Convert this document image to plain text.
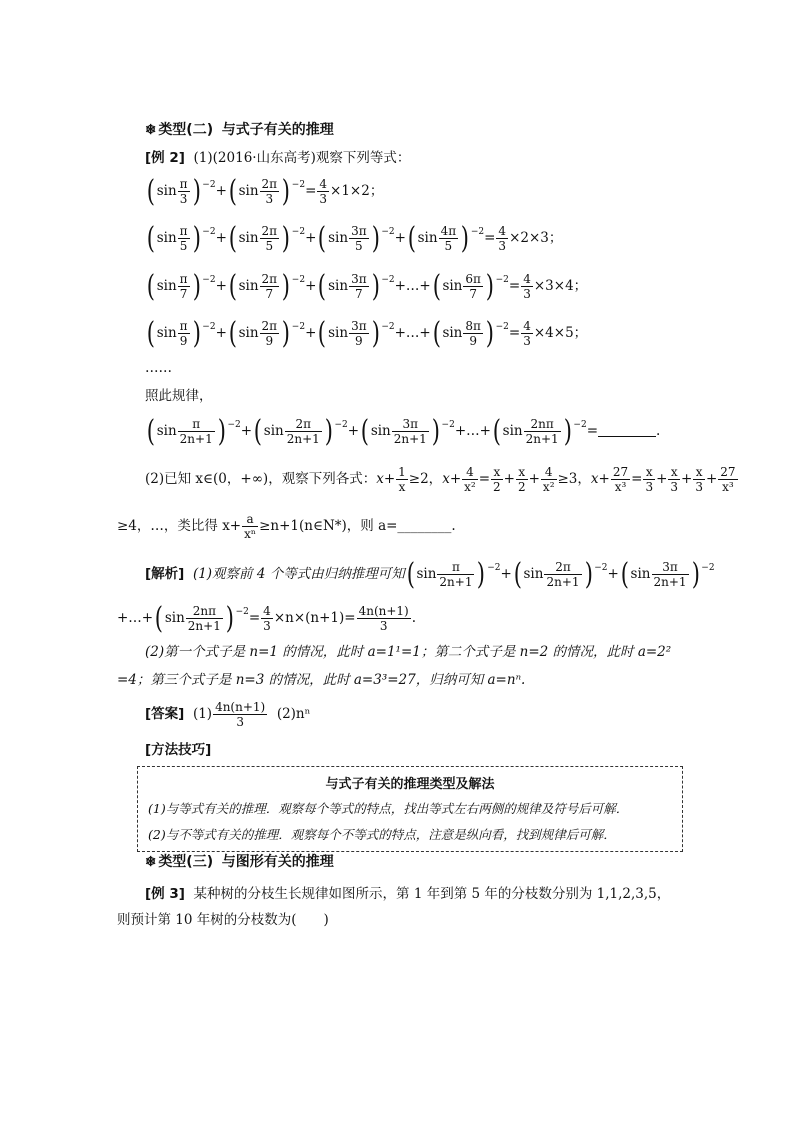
❄ 类型(二) 与式子有关的推理
[例 2] (1)(2016·山东高考)观察下列等式：
( $\sin \frac{\pi}{3}$ ) $^{-2}$+( $\sin \frac{2\pi}{3}$ ) $^{-2}= \frac{4}{3} \times 1\times 2$；
( $\sin \frac{\pi}{5}$ ) $^{-2}$+( $\sin \frac{2\pi}{5}$ ) $^{-2}$+( $\sin \frac{3\pi}{5}$ ) $^{-2}$+( $\sin \frac{4\pi}{5}$ ) $^{-2}= \frac{4}{3} \times 2\times 3$；
( $\sin \frac{\pi}{7}$ ) $^{-2}$+( $\sin \frac{2\pi}{7}$ ) $^{-2}$+( $\sin \frac{3\pi}{7}$ ) $^{-2}$+…+( $\sin \frac{6\pi}{7}$ ) $^{-2}= \frac{4}{3} \times 3\times 4$；
( $\sin \frac{\pi}{9}$ ) $^{-2}$+( $\sin \frac{2\pi}{9}$ ) $^{-2}$+( $\sin \frac{3\pi}{9}$ ) $^{-2}$+…+( $\sin \frac{8\pi}{9}$ ) $^{-2}= \frac{4}{3} \times 4\times 5$；
……
照此规律，
( $\sin \frac{\pi}{2n+1}$ ) $^{-2}$+( $\sin \frac{2\pi}{2n+1}$ ) $^{-2}$+( $\sin \frac{3\pi}{2n+1}$ ) $^{-2}$+…+( $\sin \frac{2n\pi}{2n+1}$ ) $^{-2}$=	.
(2)已知 x∈(0，+∞)，观察下列各式：$x+ \frac{1}{x} \ge 2$，$x+ \frac{4}{\text{x²}} = \frac{x}{2} + \frac{x}{2} + \frac{4}{\text{x²}} \ge 3$，$x+ \frac{27}{\text{x³}} = \frac{x}{3} + \frac{x}{3} + \frac{x}{3} + \frac{27}{\text{x³}}$
≥4，…，类比得 $x+ \frac{a}{\text{xⁿ}}$ ≥n+1(n∈N*)，则 a=________.
[解析] (1)观察前 4 个等式由归纳推理可知( $\sin \frac{\pi}{2n+1}$ ) $^{-2}$+( $\sin \frac{2\pi}{2n+1}$ ) $^{-2}$+( $\sin \frac{3\pi}{2n+1}$ ) $^{-2}$
+…+( $\sin \frac{2n\pi}{2n+1}$ ) $^{-2}= \frac{4}{3} \times n\times(n+1)= \frac{4n(n+1)}{3}$ .
(2)第一个式子是 n=1 的情况，此时 a=1¹=1；第二个式子是 n=2 的情况，此时 a=2²
=4；第三个式子是 n=3 的情况，此时 a=3³=27，归纳可知 a=nⁿ.
[答案] $(1) \frac{4n(n+1)}{3} (2)n^n$
[方法技巧]
与式子有关的推理类型及解法
(1)与等式有关的推理．观察每个等式的特点，找出等式左右两侧的规律及符号后可解．
(2)与不等式有关的推理．观察每个不等式的特点，注意是纵向看，找到规律后可解．
❄ 类型(三) 与图形有关的推理
[例 3] 某种树的分枝生长规律如图所示，第 1 年到第 5 年的分枝数分别为 1,1,2,3,5，
则预计第 10 年树的分枝数为(　　)
